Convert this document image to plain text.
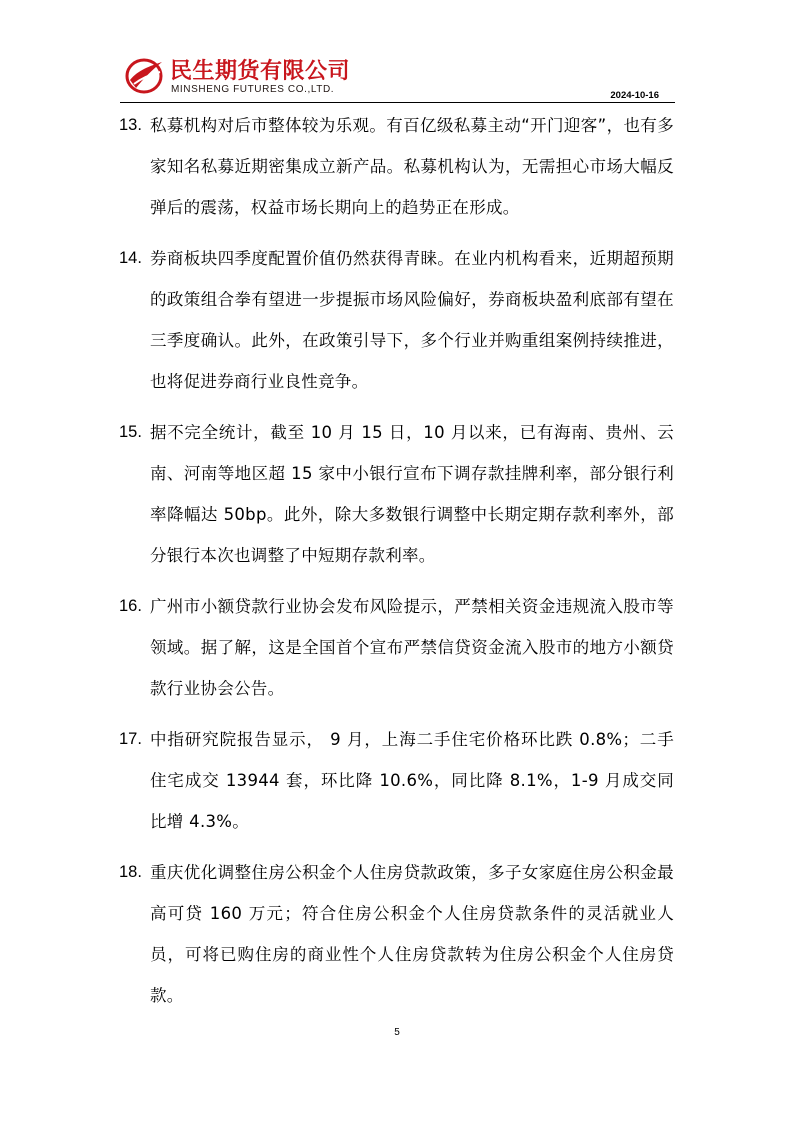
民生期货有限公司
MINSHENG FUTURES CO.,LTD.
2024-10-16
13. 私募机构对后市整体较为乐观。有百亿级私募主动“开门迎客”，也有多家知名私募近期密集成立新产品。私募机构认为，无需担心市场大幅反弹后的震荡，权益市场长期向上的趋势正在形成。
14. 券商板块四季度配置价值仍然获得青睐。在业内机构看来，近期超预期的政策组合拳有望进一步提振市场风险偏好，券商板块盈利底部有望在三季度确认。此外，在政策引导下，多个行业并购重组案例持续推进，也将促进券商行业良性竞争。
15. 据不完全统计，截至 10 月 15 日，10 月以来，已有海南、贵州、云南、河南等地区超 15 家中小银行宣布下调存款挂牌利率，部分银行利率降幅达 50bp。此外，除大多数银行调整中长期定期存款利率外，部分银行本次也调整了中短期存款利率。
16. 广州市小额贷款行业协会发布风险提示，严禁相关资金违规流入股市等领域。据了解，这是全国首个宣布严禁信贷资金流入股市的地方小额贷款行业协会公告。
17. 中指研究院报告显示， 9 月，上海二手住宅价格环比跌 0.8%；二手住宅成交 13944 套，环比降 10.6%，同比降 8.1%，1-9 月成交同比增 4.3%。
18. 重庆优化调整住房公积金个人住房贷款政策，多子女家庭住房公积金最高可贷 160 万元；符合住房公积金个人住房贷款条件的灵活就业人员，可将已购住房的商业性个人住房贷款转为住房公积金个人住房贷款。
5
